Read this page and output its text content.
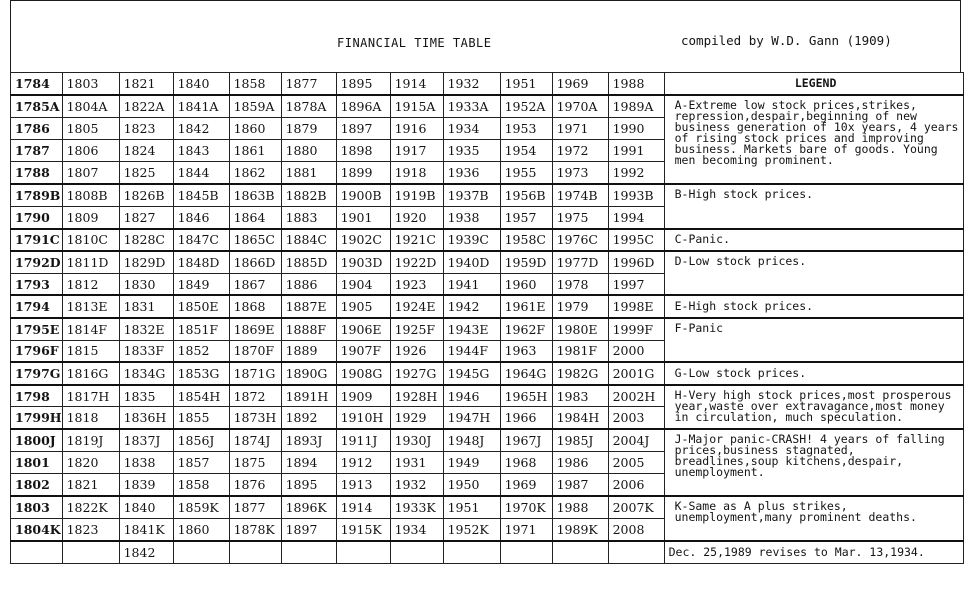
FINANCIAL TIME TABLE	compiled by W.D. Gann (1909)
1784	1803	1821	1840	1858	1877	1895	1914	1932	1951	1969	1988	LEGEND
1785A	1804A	1822A	1841A	1859A	1878A	1896A	1915A	1933A	1952A	1970A	1989A	A-Extreme low stock prices,strikes, repression,despair,beginning of new business generation of 10x years, 4 years of rising stock prices and improving business. Markets bare of goods. Young men becoming prominent.
1786	1805	1823	1842	1860	1879	1897	1916	1934	1953	1971	1990	
1787	1806	1824	1843	1861	1880	1898	1917	1935	1954	1972	1991	
1788	1807	1825	1844	1862	1881	1899	1918	1936	1955	1973	1992	
1789B	1808B	1826B	1845B	1863B	1882B	1900B	1919B	1937B	1956B	1974B	1993B	B-High stock prices.
1790	1809	1827	1846	1864	1883	1901	1920	1938	1957	1975	1994	
1791C	1810C	1828C	1847C	1865C	1884C	1902C	1921C	1939C	1958C	1976C	1995C	C-Panic.
1792D	1811D	1829D	1848D	1866D	1885D	1903D	1922D	1940D	1959D	1977D	1996D	D-Low stock prices.
1793	1812	1830	1849	1867	1886	1904	1923	1941	1960	1978	1997	
1794	1813E	1831	1850E	1868	1887E	1905	1924E	1942	1961E	1979	1998E	E-High stock prices.
1795E	1814F	1832E	1851F	1869E	1888F	1906E	1925F	1943E	1962F	1980E	1999F	F-Panic
1796F	1815	1833F	1852	1870F	1889	1907F	1926	1944F	1963	1981F	2000	
1797G	1816G	1834G	1853G	1871G	1890G	1908G	1927G	1945G	1964G	1982G	2001G	G-Low stock prices.
1798	1817H	1835	1854H	1872	1891H	1909	1928H	1946	1965H	1983	2002H	H-Very high stock prices,most prosperous year,waste over extravagance,most money in circulation, much speculation.
1799H	1818	1836H	1855	1873H	1892	1910H	1929	1947H	1966	1984H	2003	
1800J	1819J	1837J	1856J	1874J	1893J	1911J	1930J	1948J	1967J	1985J	2004J	J-Major panic-CRASH! 4 years of falling prices,business stagnated, breadlines,soup kitchens,despair, unemployment.
1801	1820	1838	1857	1875	1894	1912	1931	1949	1968	1986	2005	
1802	1821	1839	1858	1876	1895	1913	1932	1950	1969	1987	2006	
1803	1822K	1840	1859K	1877	1896K	1914	1933K	1951	1970K	1988	2007K	K-Same as A plus strikes, unemployment,many prominent deaths.
1804K	1823	1841K	1860	1878K	1897	1915K	1934	1952K	1971	1989K	2008	
		1842										Dec. 25,1989 revises to Mar. 13,1934.
